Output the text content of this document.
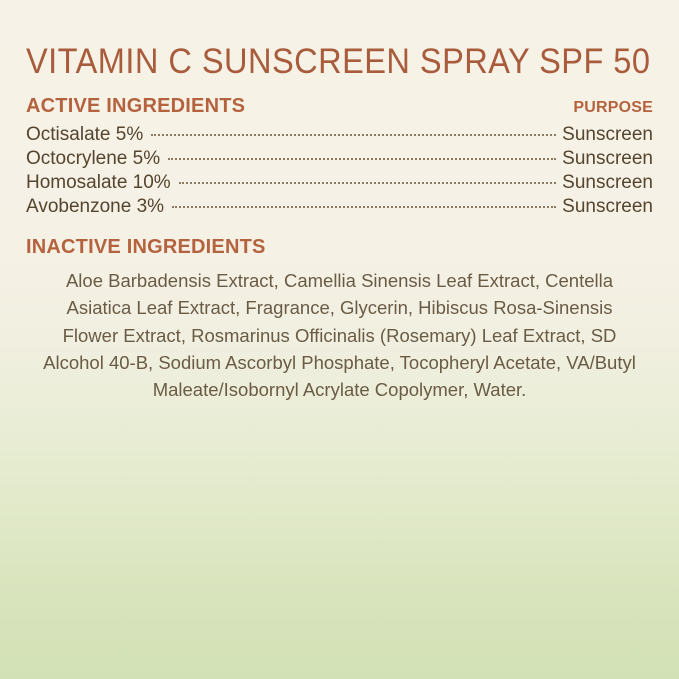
VITAMIN C SUNSCREEN SPRAY SPF 50
ACTIVE INGREDIENTS	PURPOSE
Octisalate 5%	Sunscreen
Octocrylene 5%	Sunscreen
Homosalate 10%	Sunscreen
Avobenzone 3%	Sunscreen
INACTIVE INGREDIENTS
Aloe Barbadensis Extract, Camellia Sinensis Leaf Extract, Centella Asiatica Leaf Extract, Fragrance, Glycerin, Hibiscus Rosa-Sinensis Flower Extract, Rosmarinus Officinalis (Rosemary) Leaf Extract, SD Alcohol 40-B, Sodium Ascorbyl Phosphate, Tocopheryl Acetate, VA/Butyl Maleate/Isobornyl Acrylate Copolymer, Water.
